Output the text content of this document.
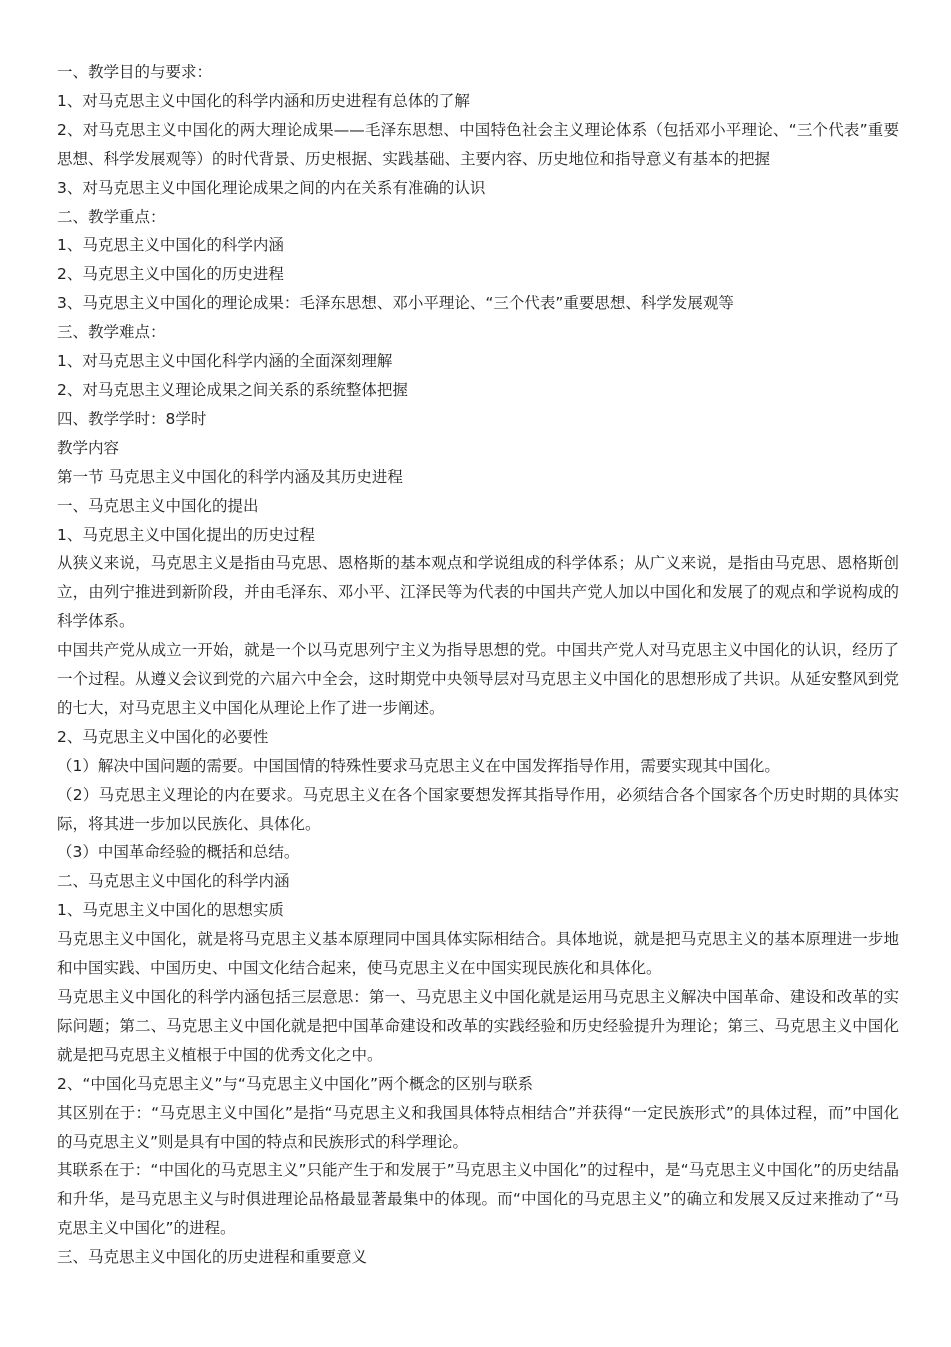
一、教学目的与要求：

1、对马克思主义中国化的科学内涵和历史进程有总体的了解

2、对马克思主义中国化的两大理论成果——毛泽东思想、中国特色社会主义理论体系（包括邓小平理论、“三个代表”重要思想、科学发展观等）的时代背景、历史根据、实践基础、主要内容、历史地位和指导意义有基本的把握

3、对马克思主义中国化理论成果之间的内在关系有准确的认识

二、教学重点：

1、马克思主义中国化的科学内涵

2、马克思主义中国化的历史进程

3、马克思主义中国化的理论成果：毛泽东思想、邓小平理论、“三个代表”重要思想、科学发展观等

三、教学难点：

1、对马克思主义中国化科学内涵的全面深刻理解

2、对马克思主义理论成果之间关系的系统整体把握

四、教学学时：8学时

教学内容

第一节 马克思主义中国化的科学内涵及其历史进程

一、马克思主义中国化的提出

1、马克思主义中国化提出的历史过程

从狭义来说，马克思主义是指由马克思、恩格斯的基本观点和学说组成的科学体系；从广义来说，是指由马克思、恩格斯创立，由列宁推进到新阶段，并由毛泽东、邓小平、江泽民等为代表的中国共产党人加以中国化和发展了的观点和学说构成的科学体系。

中国共产党从成立一开始，就是一个以马克思列宁主义为指导思想的党。中国共产党人对马克思主义中国化的认识，经历了一个过程。从遵义会议到党的六届六中全会，这时期党中央领导层对马克思主义中国化的思想形成了共识。从延安整风到党的七大，对马克思主义中国化从理论上作了进一步阐述。

2、马克思主义中国化的必要性

（1）解决中国问题的需要。中国国情的特殊性要求马克思主义在中国发挥指导作用，需要实现其中国化。

（2）马克思主义理论的内在要求。马克思主义在各个国家要想发挥其指导作用，必须结合各个国家各个历史时期的具体实际，将其进一步加以民族化、具体化。

（3）中国革命经验的概括和总结。

二、马克思主义中国化的科学内涵

1、马克思主义中国化的思想实质

马克思主义中国化，就是将马克思主义基本原理同中国具体实际相结合。具体地说，就是把马克思主义的基本原理进一步地和中国实践、中国历史、中国文化结合起来，使马克思主义在中国实现民族化和具体化。

马克思主义中国化的科学内涵包括三层意思：第一、马克思主义中国化就是运用马克思主义解决中国革命、建设和改革的实际问题；第二、马克思主义中国化就是把中国革命建设和改革的实践经验和历史经验提升为理论；第三、马克思主义中国化就是把马克思主义植根于中国的优秀文化之中。

2、“中国化马克思主义”与“马克思主义中国化”两个概念的区别与联系

其区别在于：“马克思主义中国化”是指“马克思主义和我国具体特点相结合”并获得“一定民族形式”的具体过程，而”中国化的马克思主义”则是具有中国的特点和民族形式的科学理论。

其联系在于：“中国化的马克思主义”只能产生于和发展于”马克思主义中国化”的过程中，是“马克思主义中国化”的历史结晶和升华，是马克思主义与时俱进理论品格最显著最集中的体现。而“中国化的马克思主义”的确立和发展又反过来推动了“马克思主义中国化”的进程。

三、马克思主义中国化的历史进程和重要意义
